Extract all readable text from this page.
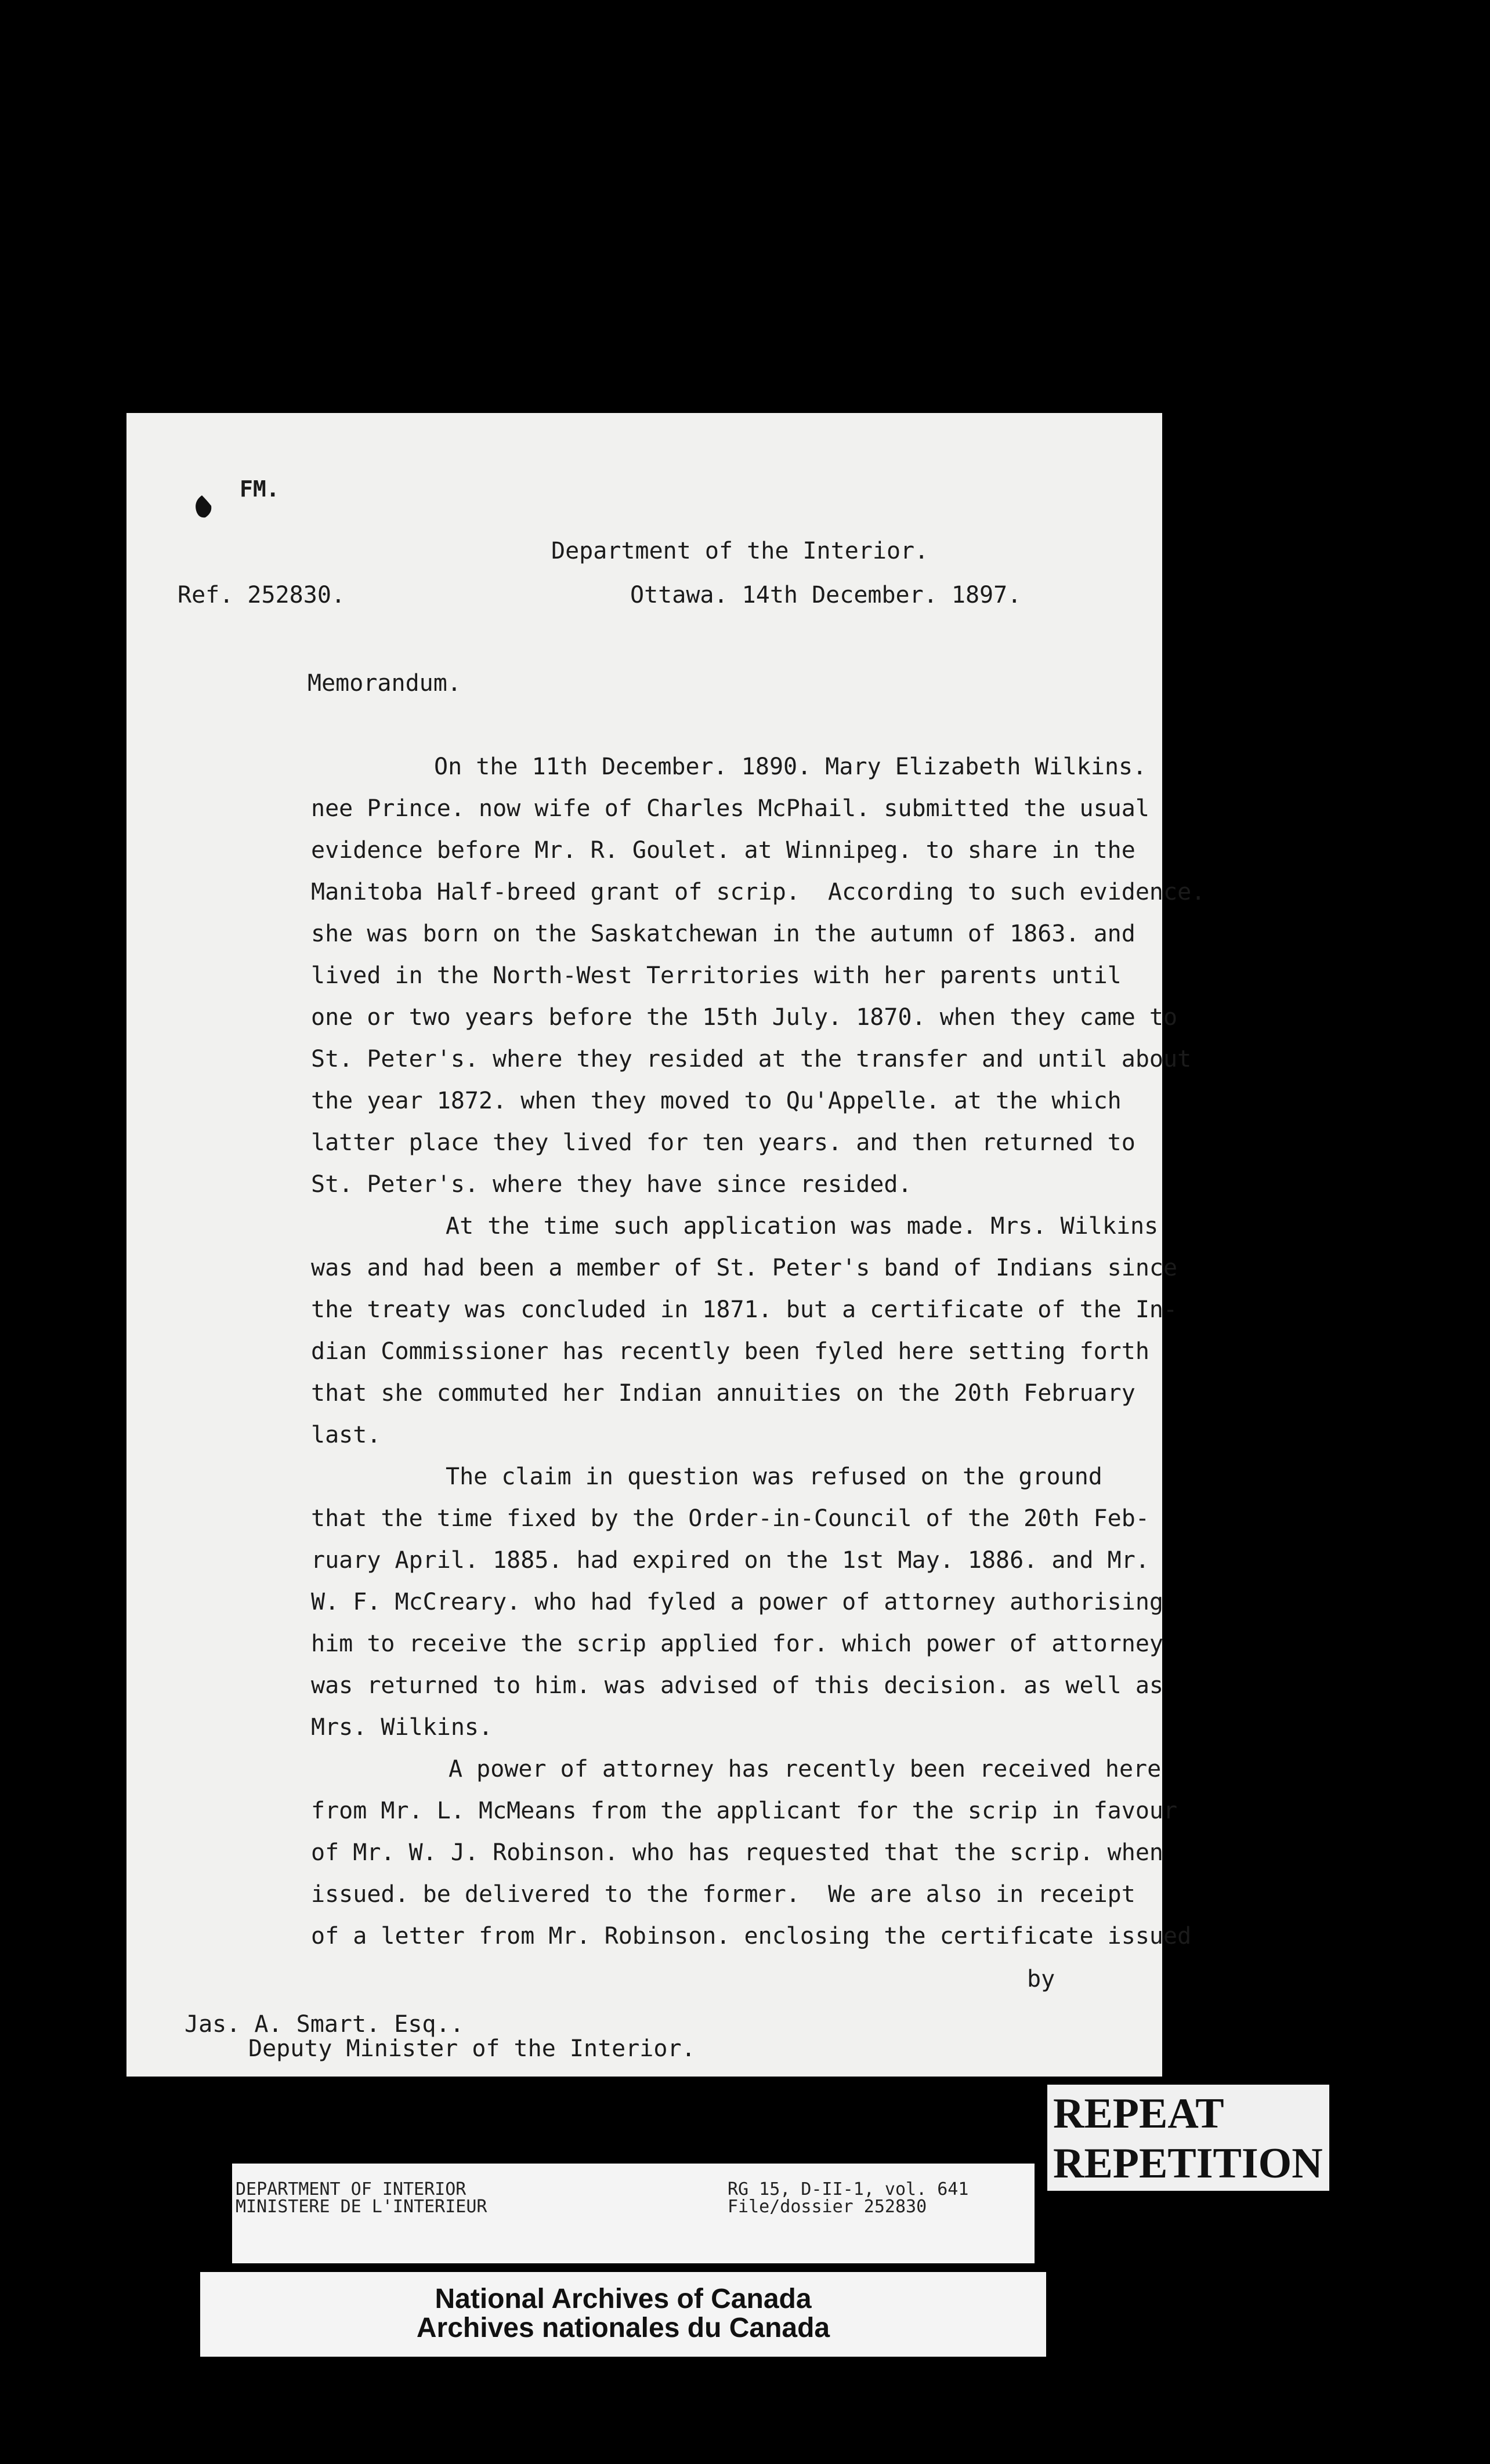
FM.
Department of the Interior.
Ref. 252830.	Ottawa. 14th December. 1897.
Memorandum.
On the 11th December. 1890. Mary Elizabeth Wilkins.
nee Prince. now wife of Charles McPhail. submitted the usual
evidence before Mr. R. Goulet. at Winnipeg. to share in the
Manitoba Half-breed grant of scrip.  According to such evidence.
she was born on the Saskatchewan in the autumn of 1863. and
lived in the North-West Territories with her parents until
one or two years before the 15th July. 1870. when they came to
St. Peter's. where they resided at the transfer and until about
the year 1872. when they moved to Qu'Appelle. at the which
latter place they lived for ten years. and then returned to
St. Peter's. where they have since resided.
At the time such application was made. Mrs. Wilkins
was and had been a member of St. Peter's band of Indians since
the treaty was concluded in 1871. but a certificate of the In-
dian Commissioner has recently been fyled here setting forth
that she commuted her Indian annuities on the 20th February
last.
The claim in question was refused on the ground
that the time fixed by the Order-in-Council of the 20th Feb-
ruary April. 1885. had expired on the 1st May. 1886. and Mr.
W. F. McCreary. who had fyled a power of attorney authorising
him to receive the scrip applied for. which power of attorney
was returned to him. was advised of this decision. as well as
Mrs. Wilkins.
A power of attorney has recently been received here
from Mr. L. McMeans from the applicant for the scrip in favour
of Mr. W. J. Robinson. who has requested that the scrip. when
issued. be delivered to the former.  We are also in receipt
of a letter from Mr. Robinson. enclosing the certificate issued
by
Jas. A. Smart. Esq..
Deputy Minister of the Interior.
REPEAT
REPETITION
DEPARTMENT OF INTERIOR
MINISTERE DE L'INTERIEUR
RG 15, D-II-1, vol. 641
File/dossier 252830
National Archives of Canada
Archives nationales du Canada
